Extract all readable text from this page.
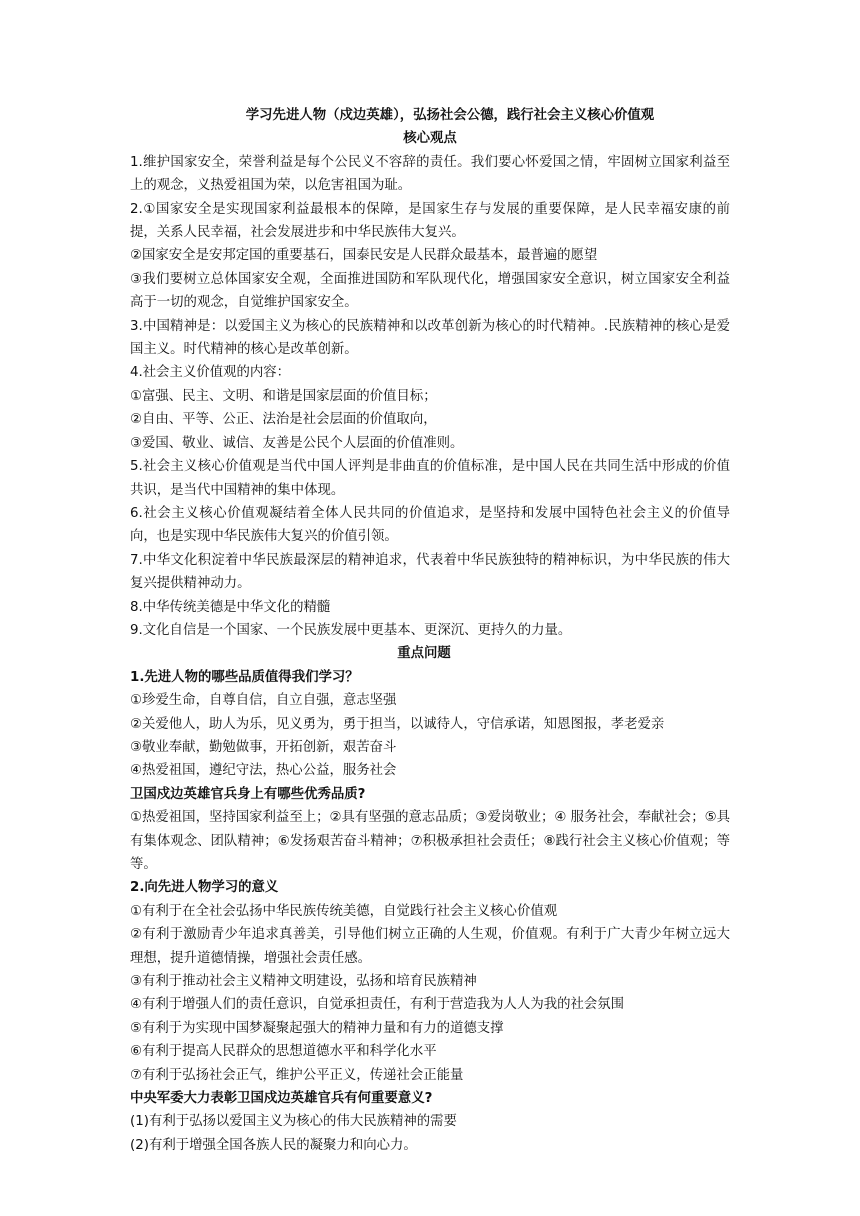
学习先进人物（戍边英雄），弘扬社会公德，践行社会主义核心价值观

核心观点

1.维护国家安全，荣誉利益是每个公民义不容辞的责任。我们要心怀爱国之情，牢固树立国家利益至上的观念，义热爱祖国为荣，以危害祖国为耻。

2.①国家安全是实现国家利益最根本的保障，是国家生存与发展的重要保障，是人民幸福安康的前提，关系人民幸福，社会发展进步和中华民族伟大复兴。

②国家安全是安邦定国的重要基石，国泰民安是人民群众最基本，最普遍的愿望

③我们要树立总体国家安全观，全面推进国防和军队现代化，增强国家安全意识，树立国家安全利益高于一切的观念，自觉维护国家安全。

3.中国精神是：以爱国主义为核心的民族精神和以改革创新为核心的时代精神。.民族精神的核心是爱国主义。时代精神的核心是改革创新。

4.社会主义价值观的内容：

①富强、民主、文明、和谐是国家层面的价值目标；

②自由、平等、公正、法治是社会层面的价值取向，

③爱国、敬业、诚信、友善是公民个人层面的价值准则。

5.社会主义核心价值观是当代中国人评判是非曲直的价值标准，是中国人民在共同生活中形成的价值共识，是当代中国精神的集中体现。

6.社会主义核心价值观凝结着全体人民共同的价值追求，是坚持和发展中国特色社会主义的价值导向，也是实现中华民族伟大复兴的价值引领。

7.中华文化积淀着中华民族最深层的精神追求，代表着中华民族独特的精神标识，为中华民族的伟大复兴提供精神动力。

8.中华传统美德是中华文化的精髓

9.文化自信是一个国家、一个民族发展中更基本、更深沉、更持久的力量。

重点问题

1.先进人物的哪些品质值得我们学习？

①珍爱生命，自尊自信，自立自强，意志坚强

②关爱他人，助人为乐，见义勇为，勇于担当，以诚待人，守信承诺，知恩图报，孝老爱亲

③敬业奉献，勤勉做事，开拓创新，艰苦奋斗

④热爱祖国，遵纪守法，热心公益，服务社会

卫国戍边英雄官兵身上有哪些优秀品质?

①热爱祖国，坚持国家利益至上；②具有坚强的意志品质；③爱岗敬业；④ 服务社会，奉献社会；⑤具有集体观念、团队精神；⑥发扬艰苦奋斗精神；⑦积极承担社会责任；⑧践行社会主义核心价值观；等等。

2.向先进人物学习的意义

①有利于在全社会弘扬中华民族传统美德，自觉践行社会主义核心价值观

②有利于激励青少年追求真善美，引导他们树立正确的人生观，价值观。有利于广大青少年树立远大理想，提升道德情操，增强社会责任感。

③有利于推动社会主义精神文明建设，弘扬和培育民族精神

④有利于增强人们的责任意识，自觉承担责任，有利于营造我为人人为我的社会氛围

⑤有利于为实现中国梦凝聚起强大的精神力量和有力的道德支撑

⑥有利于提高人民群众的思想道德水平和科学化水平

⑦有利于弘扬社会正气，维护公平正义，传递社会正能量

中央军委大力表彰卫国戍边英雄官兵有何重要意义?

(1)有利于弘扬以爱国主义为核心的伟大民族精神的需要

(2)有利于增强全国各族人民的凝聚力和向心力。
